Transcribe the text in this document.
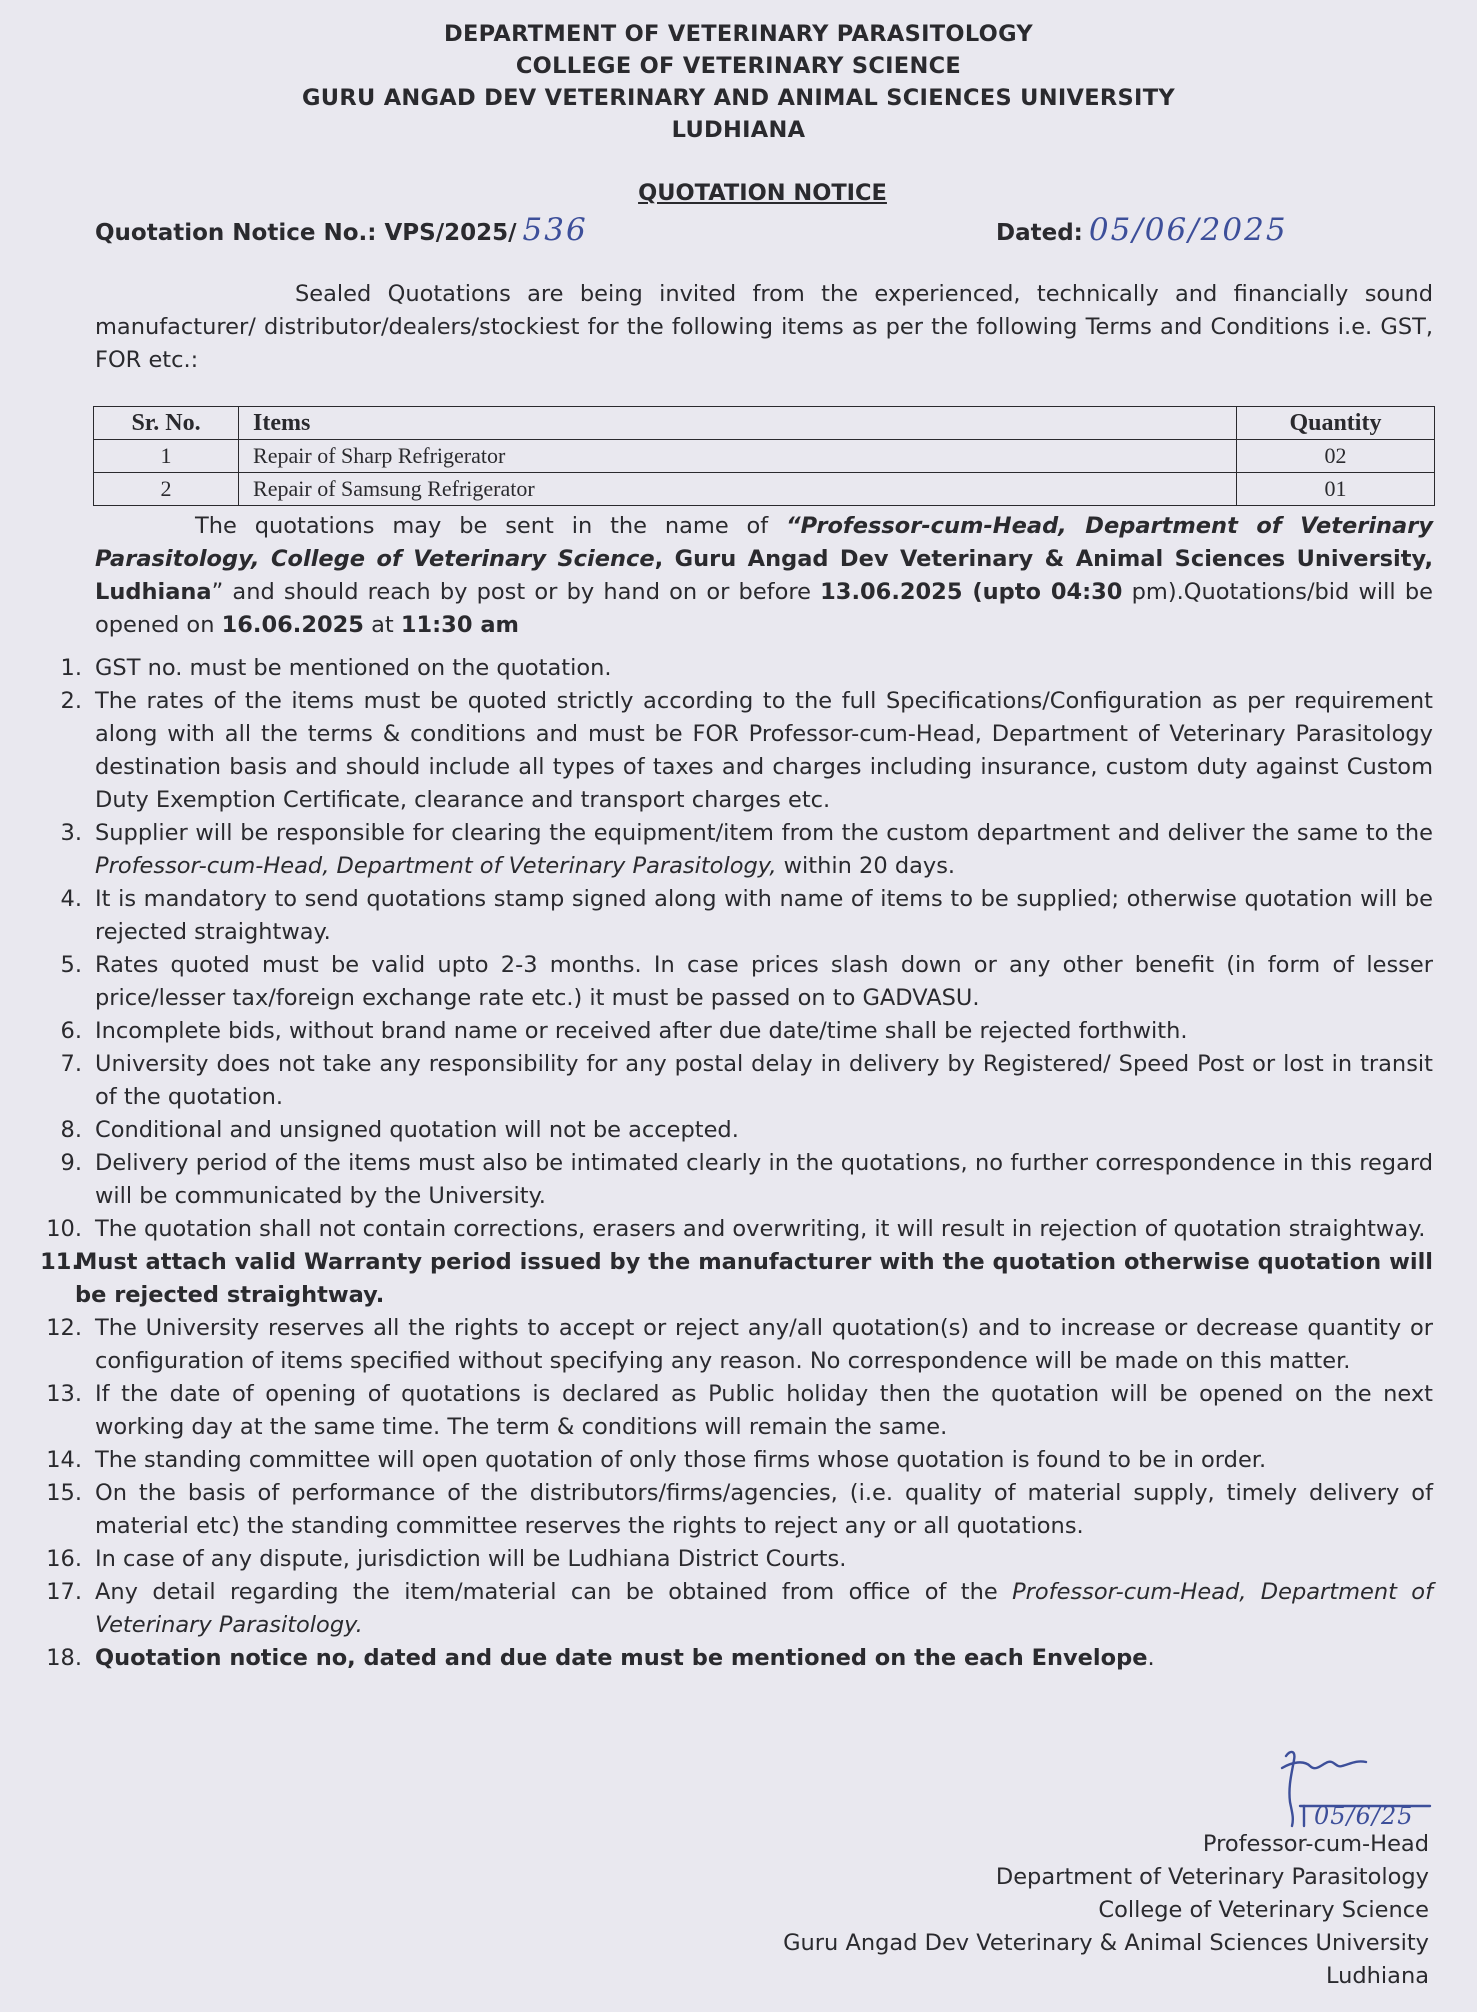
DEPARTMENT OF VETERINARY PARASITOLOGY
COLLEGE OF VETERINARY SCIENCE
GURU ANGAD DEV VETERINARY AND ANIMAL SCIENCES UNIVERSITY
LUDHIANA
QUOTATION NOTICE
Quotation Notice No.: VPS/2025/ 536	Dated: 05/06/2025
Sealed Quotations are being invited from the experienced, technically and financially sound manufacturer/ distributor/dealers/stockiest for the following items as per the following Terms and Conditions i.e. GST, FOR etc.:
Sr. No.	Items	Quantity
1	Repair of Sharp Refrigerator	02
2	Repair of Samsung Refrigerator	01
The quotations may be sent in the name of “Professor-cum-Head, Department of Veterinary Parasitology, College of Veterinary Science, Guru Angad Dev Veterinary & Animal Sciences University, Ludhiana” and should reach by post or by hand on or before 13.06.2025 (upto 04:30 pm).Quotations/bid will be opened on 16.06.2025 at 11:30 am
1. GST no. must be mentioned on the quotation.
2. The rates of the items must be quoted strictly according to the full Specifications/Configuration as per requirement along with all the terms & conditions and must be FOR Professor-cum-Head, Department of Veterinary Parasitology destination basis and should include all types of taxes and charges including insurance, custom duty against Custom Duty Exemption Certificate, clearance and transport charges etc.
3. Supplier will be responsible for clearing the equipment/item from the custom department and deliver the same to the Professor-cum-Head, Department of Veterinary Parasitology, within 20 days.
4. It is mandatory to send quotations stamp signed along with name of items to be supplied; otherwise quotation will be rejected straightway.
5. Rates quoted must be valid upto 2-3 months. In case prices slash down or any other benefit (in form of lesser price/lesser tax/foreign exchange rate etc.) it must be passed on to GADVASU.
6. Incomplete bids, without brand name or received after due date/time shall be rejected forthwith.
7. University does not take any responsibility for any postal delay in delivery by Registered/ Speed Post or lost in transit of the quotation.
8. Conditional and unsigned quotation will not be accepted.
9. Delivery period of the items must also be intimated clearly in the quotations, no further correspondence in this regard will be communicated by the University.
10. The quotation shall not contain corrections, erasers and overwriting, it will result in rejection of quotation straightway.
11.
Must attach valid Warranty period issued by the manufacturer with the quotation otherwise quotation will be rejected straightway.
12. The University reserves all the rights to accept or reject any/all quotation(s) and to increase or decrease quantity or configuration of items specified without specifying any reason. No correspondence will be made on this matter.
13. If the date of opening of quotations is declared as Public holiday then the quotation will be opened on the next working day at the same time. The term & conditions will remain the same.
14. The standing committee will open quotation of only those firms whose quotation is found to be in order.
15. On the basis of performance of the distributors/firms/agencies, (i.e. quality of material supply, timely delivery of material etc) the standing committee reserves the rights to reject any or all quotations.
16. In case of any dispute, jurisdiction will be Ludhiana District Courts.
17. Any detail regarding the item/material can be obtained from office of the Professor-cum-Head, Department of Veterinary Parasitology.
18. Quotation notice no, dated and due date must be mentioned on the each Envelope.
05/6/25
Professor-cum-Head
Department of Veterinary Parasitology
College of Veterinary Science
Guru Angad Dev Veterinary & Animal Sciences University
Ludhiana
